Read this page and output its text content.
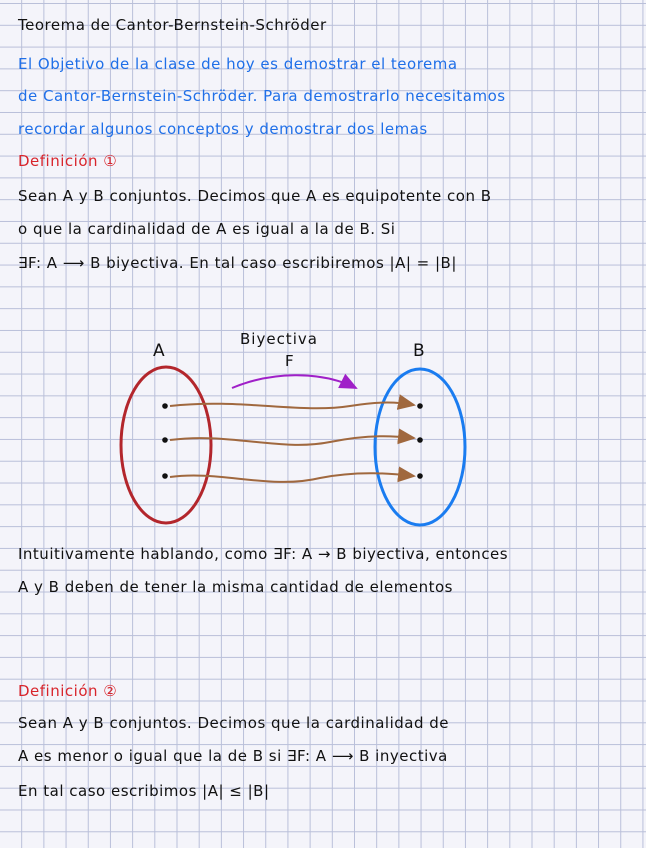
Teorema de Cantor-Bernstein-Schröder
El Objetivo de la clase de hoy es demostrar el teorema
de Cantor-Bernstein-Schröder. Para demostrarlo necesitamos
recordar algunos conceptos y demostrar dos lemas
Definición ①
Sean A y B conjuntos. Decimos que A es equipotente con B
o que la cardinalidad de A es igual a la de B. Si
∃F: A ⟶ B biyectiva. En tal caso escribiremos |A| = |B|
A	B
Biyectiva
F
Intuitivamente hablando, como ∃F: A → B biyectiva, entonces
A y B deben de tener la misma cantidad de elementos
Definición ②
Sean A y B conjuntos. Decimos que la cardinalidad de
A es menor o igual que la de B si ∃F: A ⟶ B inyectiva
En tal caso escribimos |A| ≤ |B|
